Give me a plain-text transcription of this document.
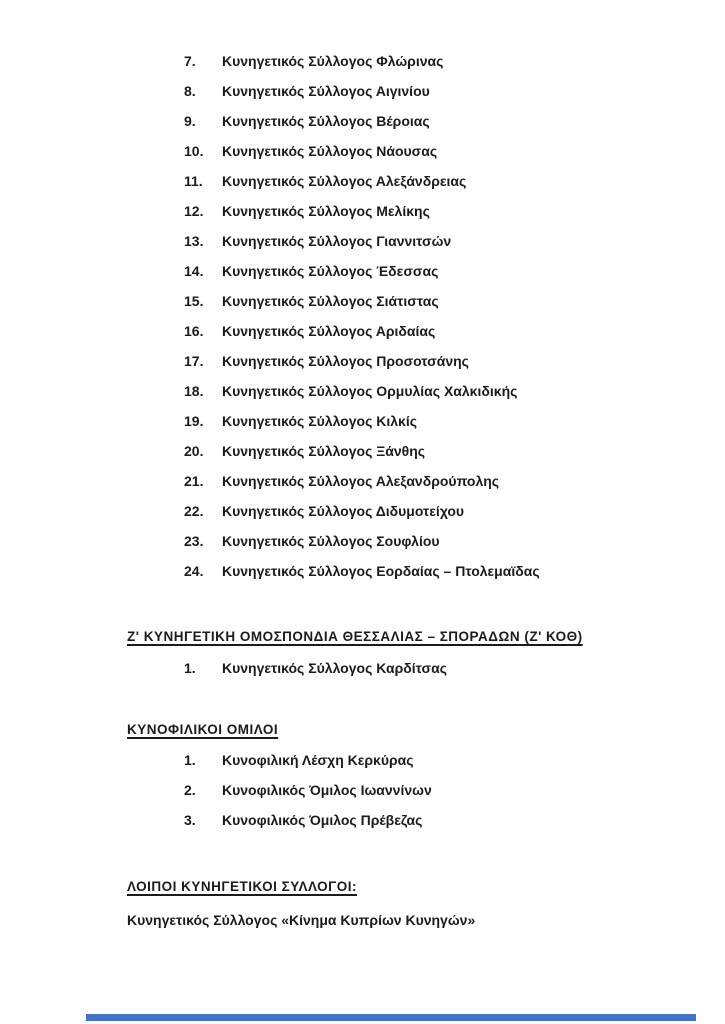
7.	Κυνηγετικός Σύλλογος Φλώρινας
8.	Κυνηγετικός Σύλλογος Αιγινίου
9.	Κυνηγετικός Σύλλογος Βέροιας
10.	Κυνηγετικός Σύλλογος Νάουσας
11.	Κυνηγετικός Σύλλογος Αλεξάνδρειας
12.	Κυνηγετικός Σύλλογος Μελίκης
13.	Κυνηγετικός Σύλλογος Γιαννιτσών
14.	Κυνηγετικός Σύλλογος Έδεσσας
15.	Κυνηγετικός Σύλλογος Σιάτιστας
16.	Κυνηγετικός Σύλλογος Αριδαίας
17.	Κυνηγετικός Σύλλογος Προσοτσάνης
18.	Κυνηγετικός Σύλλογος Ορμυλίας Χαλκιδικής
19.	Κυνηγετικός Σύλλογος Κιλκίς
20.	Κυνηγετικός Σύλλογος Ξάνθης
21.	Κυνηγετικός Σύλλογος Αλεξανδρούπολης
22.	Κυνηγετικός Σύλλογος Διδυμοτείχου
23.	Κυνηγετικός Σύλλογος Σουφλίου
24.	Κυνηγετικός Σύλλογος Εορδαίας – Πτολεμαϊδας
Ζ' ΚΥΝΗΓΕΤΙΚΗ ΟΜΟΣΠΟΝΔΙΑ ΘΕΣΣΑΛΙΑΣ – ΣΠΟΡΑΔΩΝ (Ζ' ΚΟΘ)
1.	Κυνηγετικός Σύλλογος Καρδίτσας
ΚΥΝΟΦΙΛΙΚΟΙ ΟΜΙΛΟΙ
1.	Κυνοφιλική Λέσχη Κερκύρας
2.	Κυνοφιλικός Όμιλος Ιωαννίνων
3.	Κυνοφιλικός Όμιλος Πρέβεζας
ΛΟΙΠΟΙ ΚΥΝΗΓΕΤΙΚΟΙ ΣΥΛΛΟΓΟΙ:

Κυνηγετικός Σύλλογος «Κίνημα Κυπρίων Κυνηγών»
